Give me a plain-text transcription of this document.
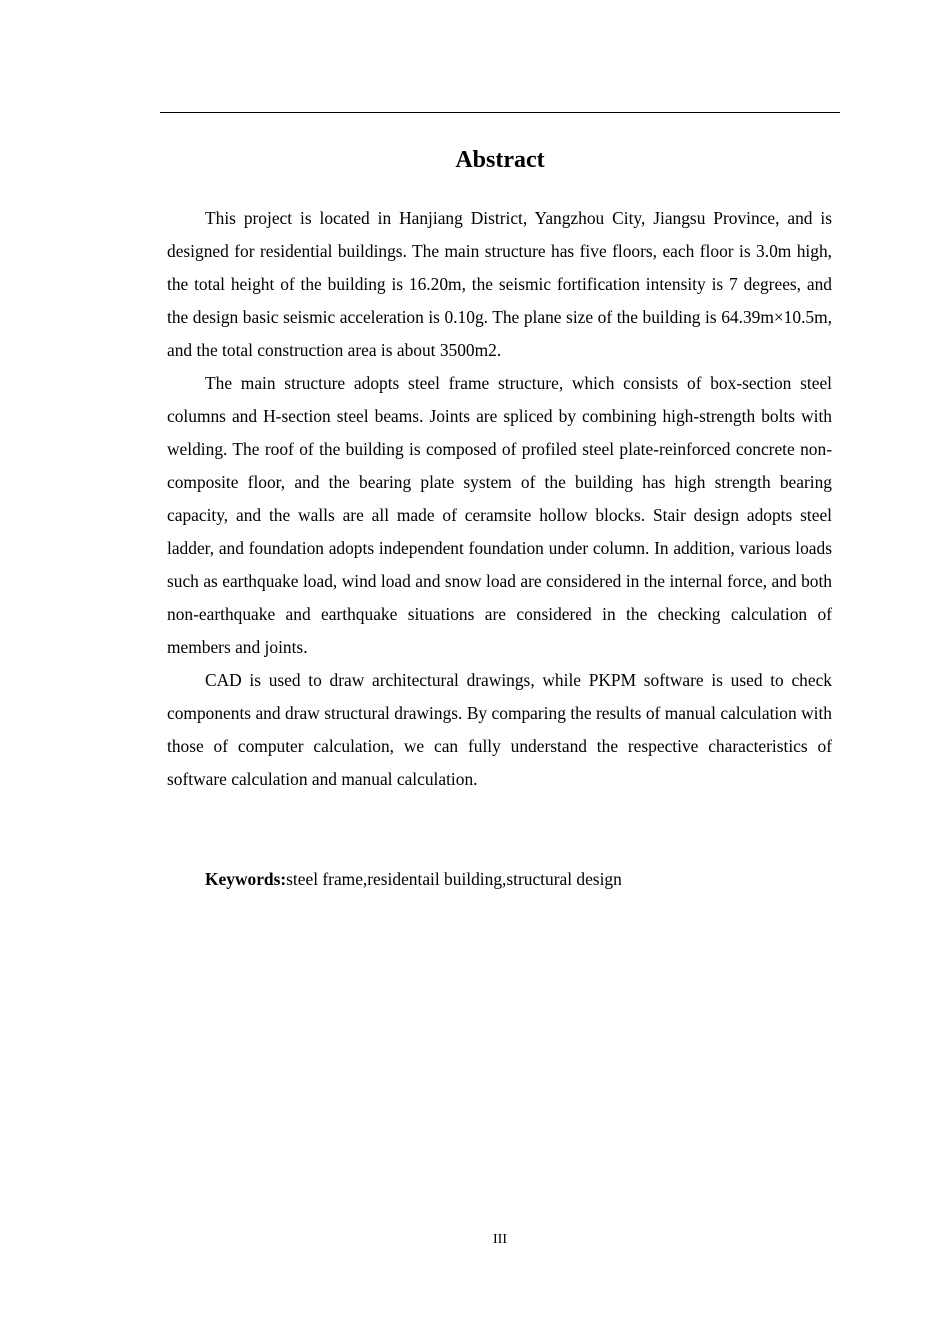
Abstract

This project is located in Hanjiang District, Yangzhou City, Jiangsu Province, and is designed for residential buildings. The main structure has five floors, each floor is 3.0m high, the total height of the building is 16.20m, the seismic fortification intensity is 7 degrees, and the design basic seismic acceleration is 0.10g. The plane size of the building is 64.39m×10.5m, and the total construction area is about 3500m2.

The main structure adopts steel frame structure, which consists of box-section steel columns and H-section steel beams. Joints are spliced by combining high-strength bolts with welding. The roof of the building is composed of profiled steel plate-reinforced concrete non-composite floor, and the bearing plate system of the building has high strength bearing capacity, and the walls are all made of ceramsite hollow blocks. Stair design adopts steel ladder, and foundation adopts independent foundation under column. In addition, various loads such as earthquake load, wind load and snow load are considered in the internal force, and both non-earthquake and earthquake situations are considered in the checking calculation of members and joints.

CAD is used to draw architectural drawings, while PKPM software is used to check components and draw structural drawings. By comparing the results of manual calculation with those of computer calculation, we can fully understand the respective characteristics of software calculation and manual calculation.

Keywords:steel frame,residentail building,structural design
III
